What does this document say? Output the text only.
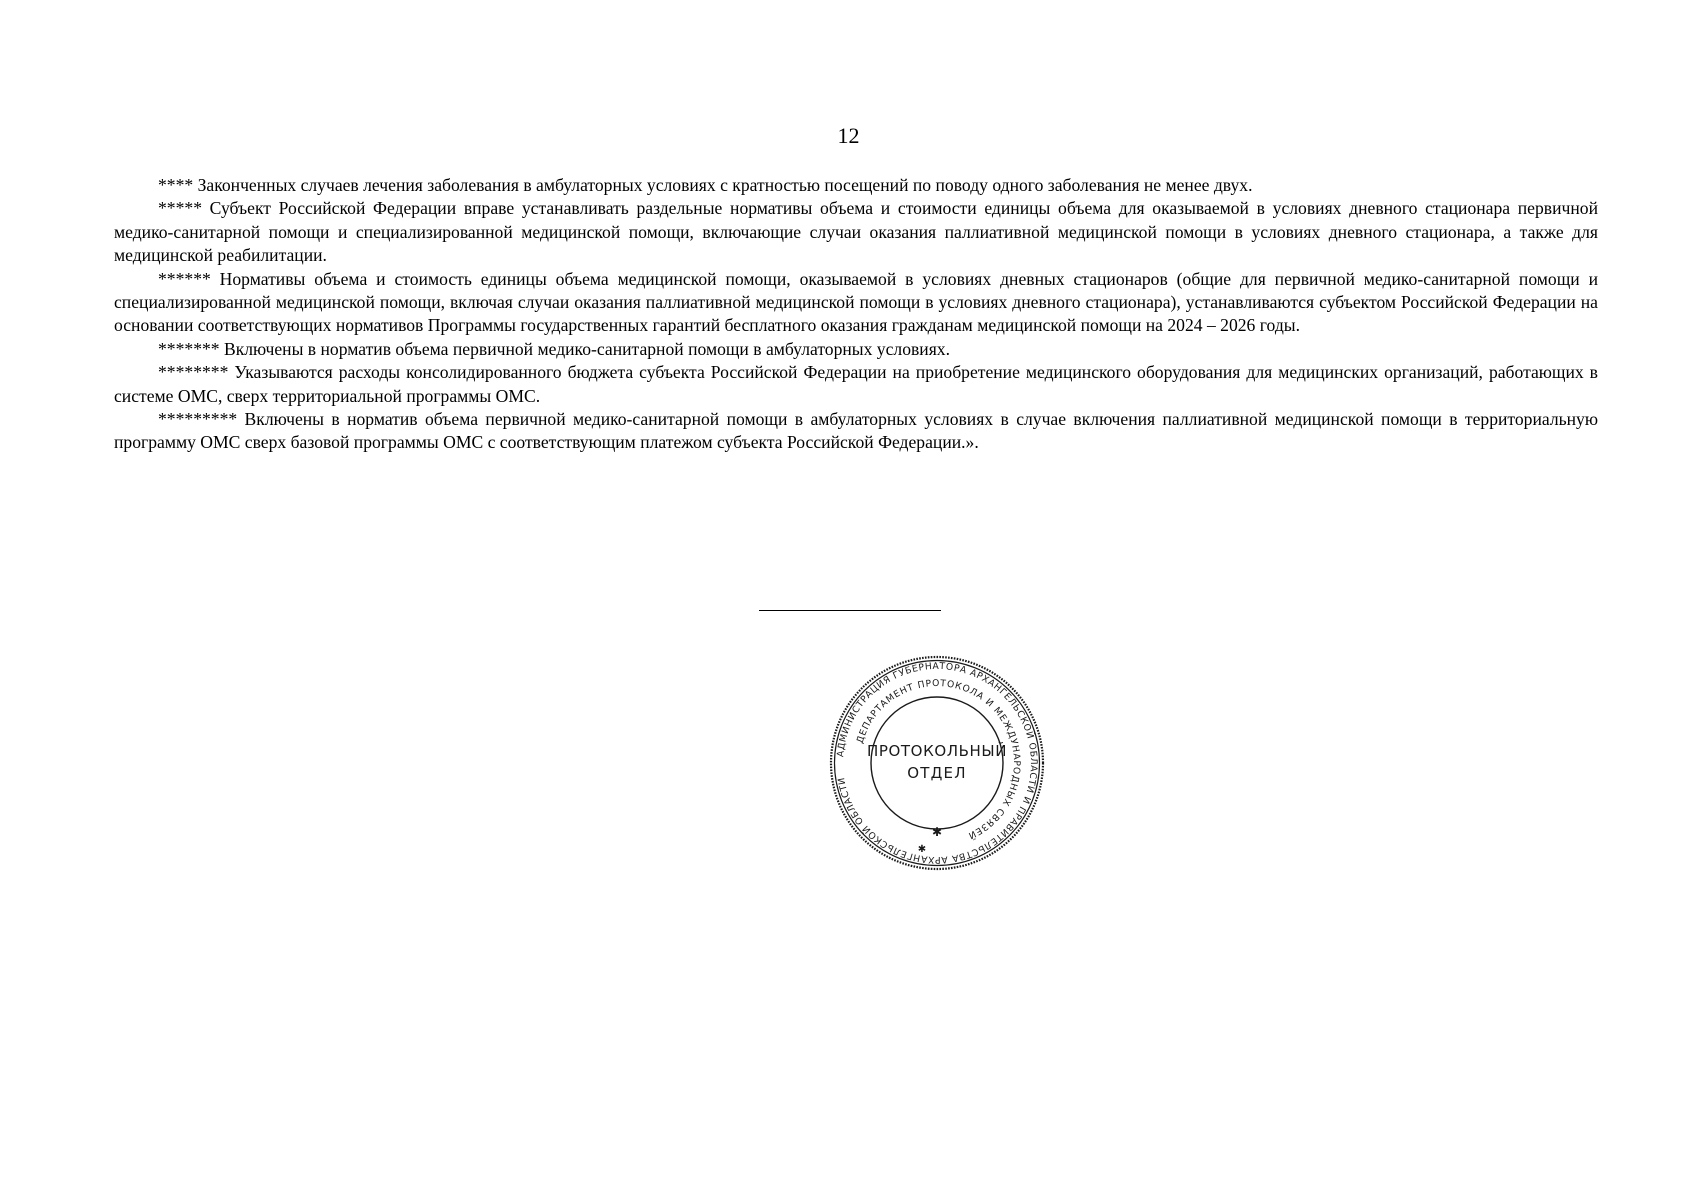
12

**** Законченных случаев лечения заболевания в амбулаторных условиях с кратностью посещений по поводу одного заболевания не менее двух.

***** Субъект Российской Федерации вправе устанавливать раздельные нормативы объема и стоимости единицы объема для оказываемой в условиях дневного стационара первичной медико-санитарной помощи и специализированной медицинской помощи, включающие случаи оказания паллиативной медицинской помощи в условиях дневного стационара, а также для медицинской реабилитации.

****** Нормативы объема и стоимость единицы объема медицинской помощи, оказываемой в условиях дневных стационаров (общие для первичной медико-санитарной помощи и специализированной медицинской помощи, включая случаи оказания паллиативной медицинской помощи в условиях дневного стационара), устанавливаются субъектом Российской Федерации на основании соответствующих нормативов Программы государственных гарантий бесплатного оказания гражданам медицинской помощи на 2024 – 2026 годы.

******* Включены в норматив объема первичной медико-санитарной помощи в амбулаторных условиях.

******** Указываются расходы консолидированного бюджета субъекта Российской Федерации на приобретение медицинского оборудования для медицинских организаций, работающих в системе ОМС, сверх территориальной программы ОМС.

********* Включены в норматив объема первичной медико-санитарной помощи в амбулаторных условиях в случае включения паллиативной медицинской помощи в территориальную программу ОМС сверх базовой программы ОМС с соответствующим платежом субъекта Российской Федерации.».

АДМИНИСТРАЦИЯ ГУБЕРНАТОРА АРХАНГЕЛЬСКОЙ ОБЛАСТИ И ПРАВИТЕЛЬСТВА АРХАНГЕЛЬСКОЙ ОБЛАСТИ
ДЕПАРТАМЕНТ ПРОТОКОЛА И МЕЖДУНАРОДНЫХ СВЯЗЕЙ
ПРОТОКОЛЬНЫЙ
ОТДЕЛ
✱
✱
